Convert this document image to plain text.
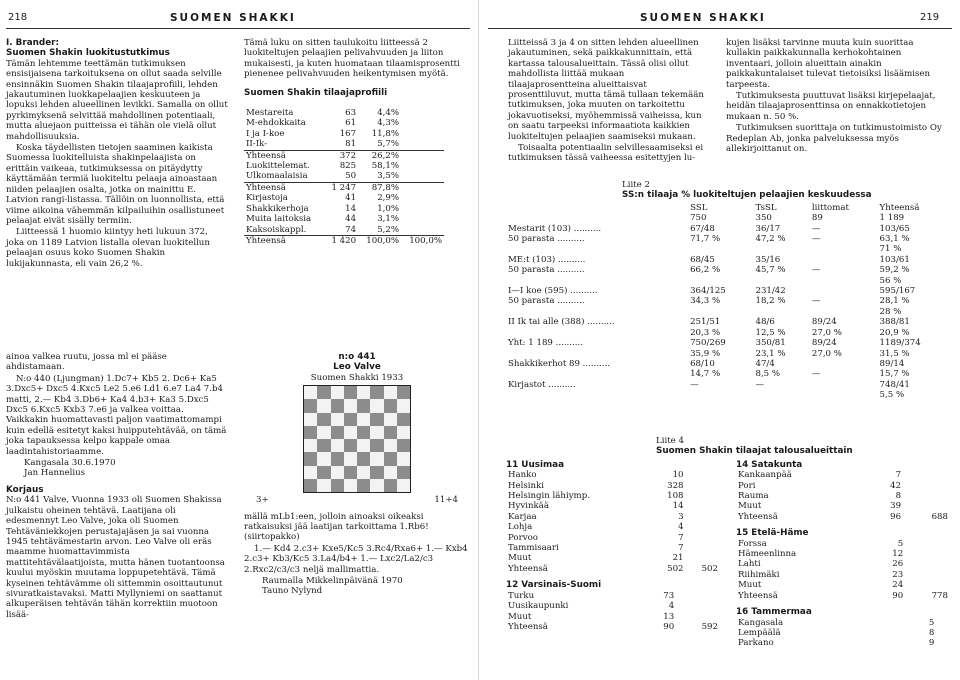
218	SUOMEN SHAKKI
I. Brander:
Suomen Shakin luokitustutkimus

Tämän lehtemme teettämän tutkimuksen ensisijaisena tarkoituksena on ollut saada selville ensinnäkin Suomen Shakin tilaajaprofiili, lehden jakautuminen luokkapelaajien keskuuteen ja lopuksi lehden alueellinen levikki. Samalla on ollut pyrkimyksenä selvittää mahdollinen potentiaali, mutta aluejaon puitteissa ei tähän ole vielä ollut mahdollisuuksia.

Koska täydellisten tietojen saaminen kaikista Suomessa luokitelluista shakinpelaajista on erittäin vaikeaa, tutkimuksessa on pitäydytty käyttämään termiä luokiteltu pelaaja ainoastaan niiden pelaajien osalta, jotka on mainittu E. Latvion rangi-listassa. Tällöin on luonnollista, että viime aikoina vähemmän kilpailuihin osallistuneet pelaajat eivät sisälly termiin.

Liitteessä 1 huomio kiintyy heti lukuun 372, joka on 1189 Latvion listalla olevan luokitellun pelaajan osuus koko Suomen Shakin lukijakunnasta, eli vain 26,2 %.

Tämä luku on sitten taulukoitu liitteessä 2 luokiteltujen pelaajien pelivahvuuden ja liiton mukaisesti, ja kuten huomataan tilaamisprosentti pienenee pelivahvuuden heikentymisen myötä.

Suomen Shakin tilaajaprofiili
Mestareita	63	4,4%	
M-ehdokkaita	61	4,3%	
I ja I-koe	167	11,8%	
II-Ik-	81	5,7%	
Yhteensä	372	26,2%	
Luokittelemat.	825	58,1%	
Ulkomaalaisia	50	3,5%	
Yhteensä	1 247	87,8%	
Kirjastoja	41	2,9%	
Shakkikerhoja	14	1,0%	
Muita laitoksia	44	3,1%	
Kaksoiskappl.	74	5,2%	
Yhteensä	1 420	100,0%	100,0%

ainoa valkea ruutu, jossa ml ei pääse ahdistamaan.

N:o 440 (Ljungman) 1.Dc7+ Kb5 2. Dc6+ Ka5 3.Dxc5+ Dxc5 4.Kxc5 Le2 5.e6 Ld1 6.e7 La4 7.b4 matti, 2.— Kb4 3.Db6+ Ka4 4.b3+ Ka3 5.Dxc5 Dxc5 6.Kxc5 Kxb3 7.e6 ja valkea voittaa. Vaikkakin huomattavasti paljon vaatimattomampi kuin edellä esitetyt kaksi huipputehtävää, on tämä joka tapauksessa kelpo kappale omaa laadintahistoriaamme.

Kangasala 30.6.1970
Jan Hannelius
Korjaus

N:o 441 Valve, Vuonna 1933 oli Suomen Shakissa julkaistu oheinen tehtävä. Laatijana oli edesmennyt Leo Valve, joka oli Suomen Tehtäväniekkojen perustajajäsen ja sai vuonna 1945 tehtävämestarin arvon. Leo Valve oli eräs maamme huomattavimmista mattitehtävälaatijoista, mutta hänen tuotantoonsa kuului myöskin muutama loppupetehtävä. Tämä kyseinen tehtävämme oli sittemmin osoittautunut sivuratkaistavaksi. Matti Myllyniemi on saattanut alkuperäisen tehtävän tähän korrektiin muotoon lisää-

n:o 441
Leo Valve
Suomen Shakki 1933
3+	11+4

mällä mLb1:een, jolloin ainoaksi oikeaksi ratkaisuksi jää laatijan tarkoittama 1.Rb6! (siirtopakko)

1.— Kd4 2.c3+ Kxe5/Kc5 3.Rc4/Rxa6+ 1.— Kxb4 2.c3+ Kb3/Kc5 3.La4/b4+ 1.— Lxc2/La2/c3 2.Rxc2/c3/c3 neljä mallimattia.

Raumalla Mikkelinpäivänä 1970
Tauno Nylynd
SUOMEN SHAKKI	219

Liitteissä 3 ja 4 on sitten lehden alueellinen jakautuminen, sekä paikkakunnittain, että kartassa talousalueittain. Tässä olisi ollut mahdollista liittää mukaan tilaajaprosentteina alueittaisvat prosenttiluvut, mutta tämä tullaan tekemään tutkimuksen, joka muuten on tarkoitettu jokavuotiseksi, myöhemmissä vaiheissa, kun on saatu tarpeeksi informaatiota kaikkien luokiteltujen pelaajien saamiseksi mukaan.

Toisaalta potentiaalin selvillesaamiseksi ei tutkimuksen tässä vaiheessa esitettyjen lu-

kujen lisäksi tarvinne muuta kuin suorittaa kullakin paikkakunnalla kerhokohtainen inventaari, jolloin alueittain ainakin paikkakuntalaiset tulevat tietoisiksi lisäämisen tarpeesta.

Tutkimuksesta puuttuvat lisäksi kirjepelaajat, heidän tilaajaprosenttinsa on ennakkotietojen mukaan n. 50 %.

Tutkimuksen suorittaja on tutkimustoimisto Oy Redeplan Ab, jonka palveluksessa myös allekirjoittanut on.

Liite 2
SS:n tilaaja % luokiteltujen pelaajien keskuudessa
	SSL	TsSL	liittomat	Yhteensä
	750	350	89	1 189
Mestarit (103) ..........	67/48	36/17	—	103/65
50 parasta ..........	71,7 %	47,2 %	—	63,1 %
				71 %
ME:t (103) ..........	68/45	35/16		103/61
50 parasta ..........	66,2 %	45,7 %	—	59,2 %
				56 %
I—I koe (595) ..........	364/125	231/42		595/167
50 parasta ..........	34,3 %	18,2 %	—	28,1 %
				28 %
II Ik tai alle (388) ..........	251/51	48/6	89/24	388/81
	20,3 %	12,5 %	27,0 %	20,9 %
Yht: 1 189 ..........	750/269	350/81	89/24	1189/374
	35,9 %	23,1 %	27,0 %	31,5 %
Shakkikerhot 89 ..........	68/10	47/4		89/14
	14,7 %	8,5 %	—	15,7 %
Kirjastot ..........	—	—		748/41
				5,5 %
Liite 4
Suomen Shakin tilaajat talousalueittain
11 Uusimaa
Hanko	10	
Helsinki	328	
Helsingin lähiymp.	108	
Hyvinkää	14	
Karjaa	3	
Lohja	4	
Porvoo	7	
Tammisaari	7	
Muut	21	
Yhteensä	502	502
12 Varsinais-Suomi
Turku	73	
Uusikaupunki	4	
Muut	13	
Yhteensä	90	592
14 Satakunta
Kankaanpää	7	
Pori	42	
Rauma	8	
Muut	39	
Yhteensä	96	688
15 Etelä-Häme
Forssa	5	
Hämeenlinna	12	
Lahti	26	
Riihimäki	23	
Muut	24	
Yhteensä	90	778
16 Tammermaa
Kangasala	5	
Lempäälä	8	
Parkano	9	
